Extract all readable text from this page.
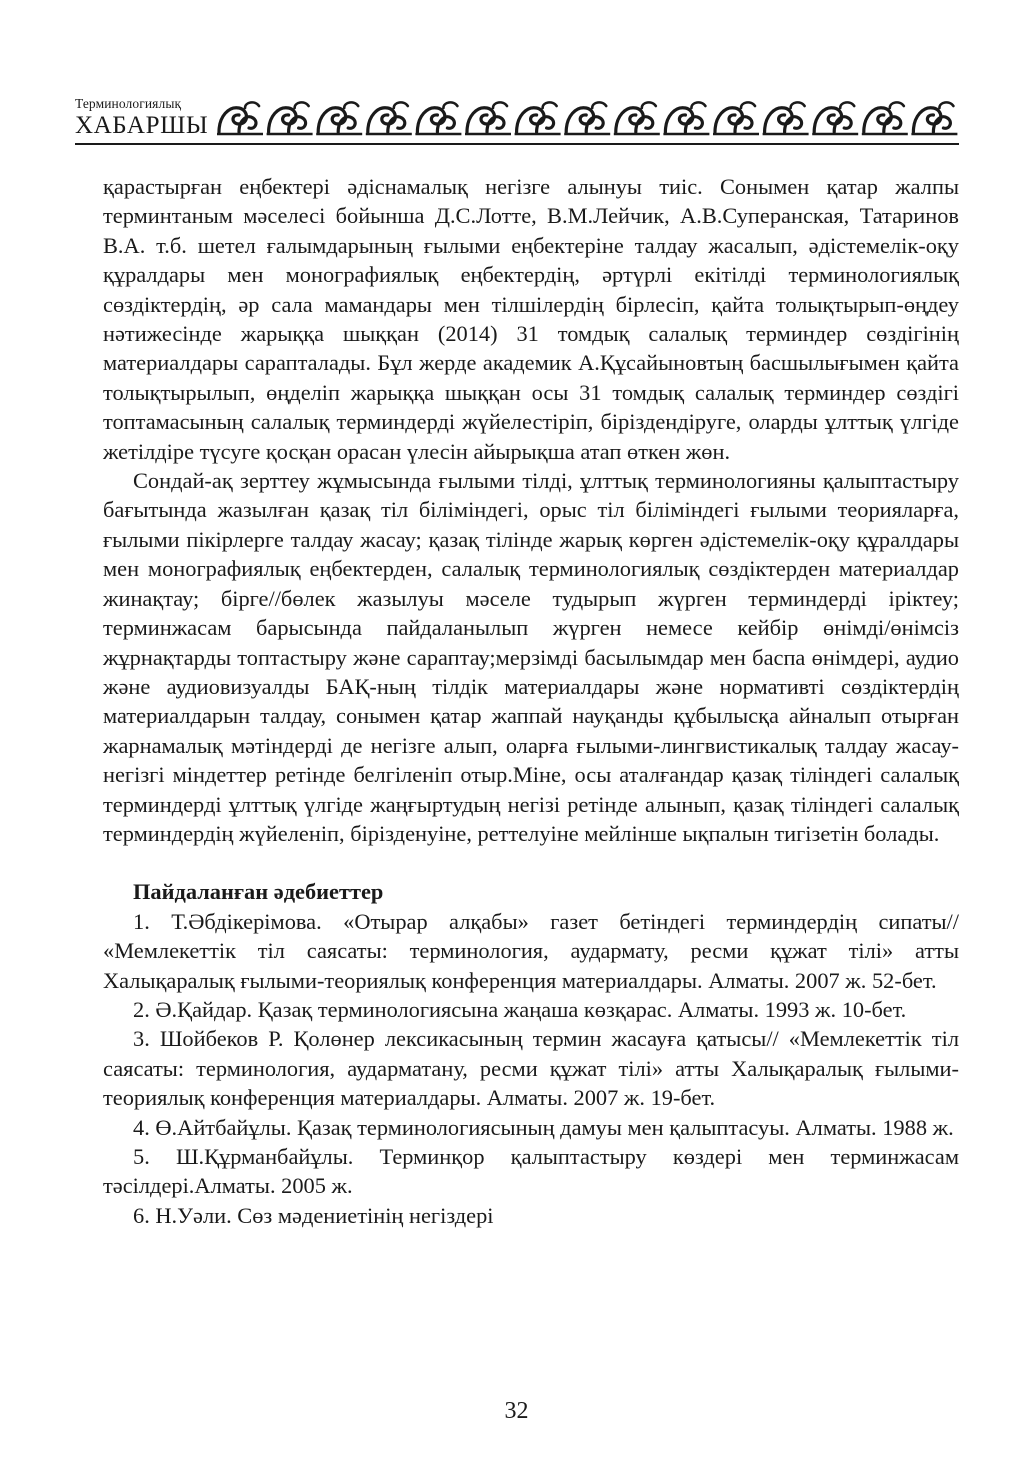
Терминологиялық
ХАБАРШЫ

қарастырған еңбектері әдіснамалық негізге алынуы тиіс. Сонымен қатар жалпы терминтаным мәселесі бойынша Д.С.Лотте, В.М.Лейчик, А.В.Суперанская, Татаринов В.А. т.б. шетел ғалымдарының ғылыми еңбектеріне талдау жасалып, әдістемелік-оқу құралдары мен монографиялық еңбектердің, әртүрлі екітілді терминологиялық сөздіктердің, әр сала мамандары мен тілшілердің бірлесіп, қайта толықтырып-өңдеу нәтижесінде жарыққа шыққан (2014) 31 томдық салалық терминдер сөздігінің материалдары сарапталады. Бұл жерде академик А.Құсайыновтың басшылығымен қайта толықтырылып, өңделіп жарыққа шыққан осы 31 томдық салалық терминдер сөздігі топтамасының салалық терминдерді жүйелестіріп, біріздендіруге, оларды ұлттық үлгіде жетілдіре түсуге қосқан орасан үлесін айырықша атап өткен жөн.

Сондай-ақ зерттеу жұмысында ғылыми тілді, ұлттық терминологияны қалыптастыру бағытында жазылған қазақ тіл біліміндегі, орыс тіл біліміндегі ғылыми теорияларға, ғылыми пікірлерге талдау жасау; қазақ тілінде жарық көрген әдістемелік-оқу құралдары мен монографиялық еңбектерден, салалық терминологиялық сөздіктерден материалдар жинақтау; бірге//бөлек жазылуы мәселе тудырып жүрген терминдерді іріктеу; терминжасам барысында пайдаланылып жүрген немесе кейбір өнімді/өнімсіз жұрнақтарды топтастыру және сараптау;мерзімді басылымдар мен баспа өнімдері, аудио және аудиовизуалды БАҚ-ның тілдік материалдары және нормативті сөздіктердің материалдарын талдау, сонымен қатар жаппай науқанды құбылысқа айналып отырған жарнамалық мәтіндерді де негізге алып, оларға ғылыми-лингвистикалық талдау жасау-негізгі міндеттер ретінде белгіленіп отыр.Міне, осы аталғандар қазақ тіліндегі салалық терминдерді ұлттық үлгіде жаңғыртудың негізі ретінде алынып, қазақ тіліндегі салалық терминдердің жүйеленіп, бірізденуіне, реттелуіне мейлінше ықпалын тигізетін болады.

Пайдаланған әдебиеттер

1. Т.Әбдікерімова. «Отырар алқабы» газет бетіндегі терминдердің сипаты// «Мемлекеттік тіл саясаты: терминология, аудармату, ресми құжат тілі» атты Халықаралық ғылыми-теориялық конференция материалдары. Алматы. 2007 ж. 52-бет.

2. Ә.Қайдар. Қазақ терминологиясына жаңаша көзқарас. Алматы. 1993 ж. 10-бет.

3. Шойбеков Р. Қолөнер лексикасының термин жасауға қатысы// «Мемлекеттік тіл саясаты: терминология, аударматану, ресми құжат тілі» атты Халықаралық ғылыми-теориялық конференция материалдары. Алматы. 2007 ж. 19-бет.

4. Ө.Айтбайұлы. Қазақ терминологиясының дамуы мен қалыптасуы. Алматы. 1988 ж.

5. Ш.Құрманбайұлы. Терминқор қалыптастыру көздері мен терминжасам тәсілдері.Алматы. 2005 ж.

6. Н.Уәли. Сөз мәдениетінің негіздері

32
